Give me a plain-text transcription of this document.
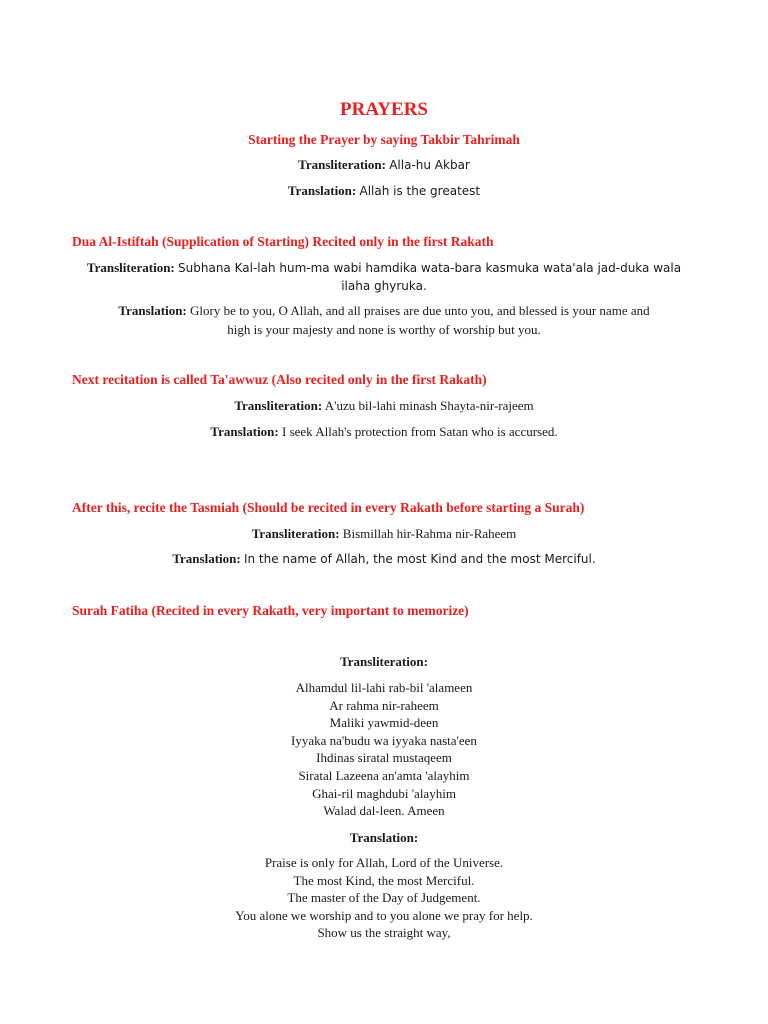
PRAYERS

Starting the Prayer by saying Takbir Tahrimah

Transliteration: Alla-hu Akbar

Translation: Allah is the greatest

Dua Al-Istiftah (Supplication of Starting) Recited only in the first Rakath

Transliteration: Subhana Kal-lah hum-ma wabi hamdika wata-bara kasmuka wata'ala jad-duka wala

ilaha ghyruka.

Translation: Glory be to you, O Allah, and all praises are due unto you, and blessed is your name and

high is your majesty and none is worthy of worship but you.

Next recitation is called Ta'awwuz (Also recited only in the first Rakath)

Transliteration: A'uzu bil-lahi minash Shayta-nir-rajeem

Translation: I seek Allah's protection from Satan who is accursed.

After this, recite the Tasmiah (Should be recited in every Rakath before starting a Surah)

Transliteration: Bismillah hir-Rahma nir-Raheem

Translation: In the name of Allah, the most Kind and the most Merciful.

Surah Fatiha (Recited in every Rakath, very important to memorize)

Transliteration:

Alhamdul lil-lahi rab-bil 'alameen
Ar rahma nir-raheem
Maliki yawmid-deen
Iyyaka na'budu wa iyyaka nasta'een
Ihdinas siratal mustaqeem
Siratal Lazeena an'amta 'alayhim
Ghai-ril maghdubi 'alayhim
Walad dal-leen. Ameen

Translation:

Praise is only for Allah, Lord of the Universe.
The most Kind, the most Merciful.
The master of the Day of Judgement.
You alone we worship and to you alone we pray for help.
Show us the straight way,
